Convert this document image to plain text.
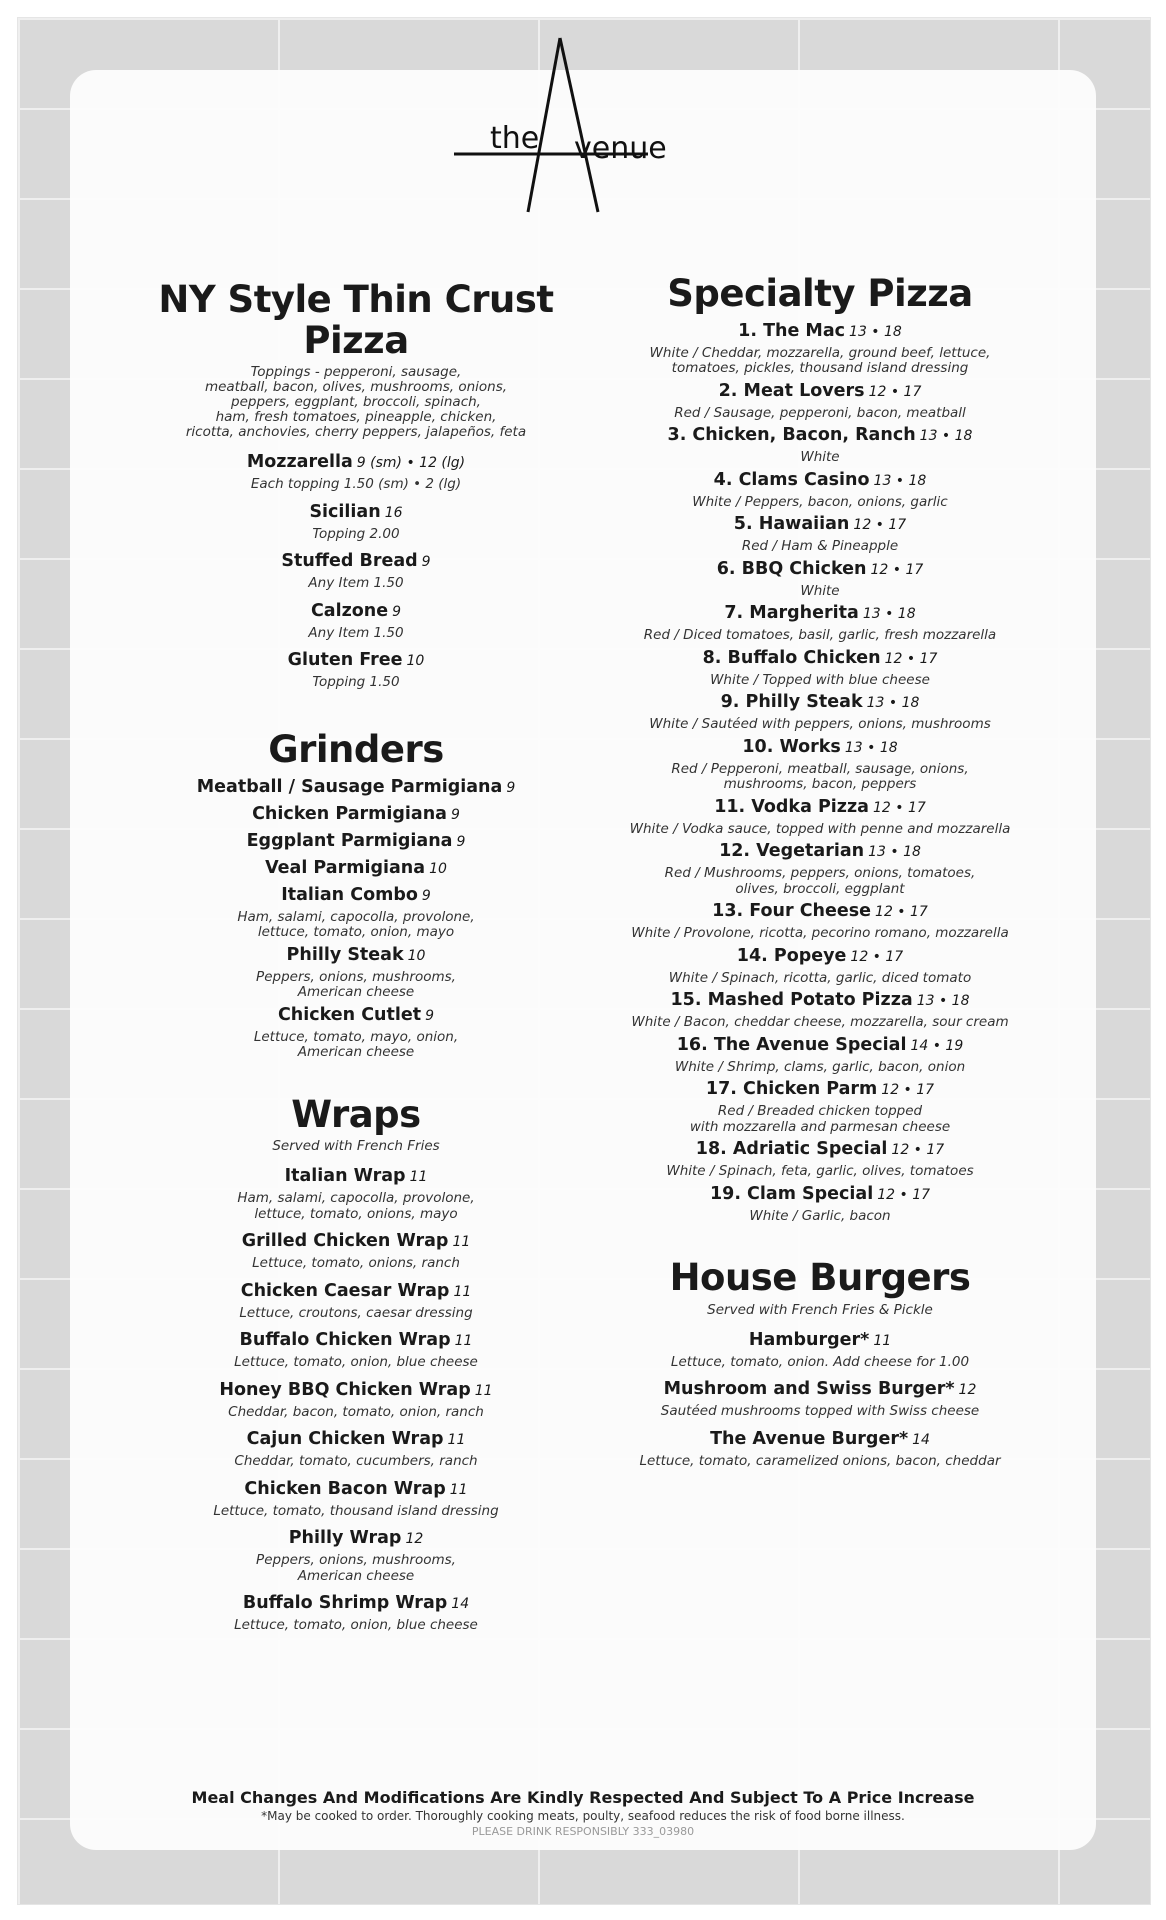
the venue
NY Style Thin Crust Pizza
Toppings - pepperoni, sausage,
meatball, bacon, olives, mushrooms, onions,
peppers, eggplant, broccoli, spinach,
ham, fresh tomatoes, pineapple, chicken,
ricotta, anchovies, cherry peppers, jalapeños, feta
Mozzarella 9 (sm) • 12 (lg)
Each topping 1.50 (sm) • 2 (lg)
Sicilian 16
Topping 2.00
Stuffed Bread 9
Any Item 1.50
Calzone 9
Any Item 1.50
Gluten Free 10
Topping 1.50
Grinders
Meatball / Sausage Parmigiana 9
Chicken Parmigiana 9
Eggplant Parmigiana 9
Veal Parmigiana 10
Italian Combo 9
Ham, salami, capocolla, provolone,
lettuce, tomato, onion, mayo
Philly Steak 10
Peppers, onions, mushrooms,
American cheese
Chicken Cutlet 9
Lettuce, tomato, mayo, onion,
American cheese
Wraps
Served with French Fries
Italian Wrap 11
Ham, salami, capocolla, provolone,
lettuce, tomato, onions, mayo
Grilled Chicken Wrap 11
Lettuce, tomato, onions, ranch
Chicken Caesar Wrap 11
Lettuce, croutons, caesar dressing
Buffalo Chicken Wrap 11
Lettuce, tomato, onion, blue cheese
Honey BBQ Chicken Wrap 11
Cheddar, bacon, tomato, onion, ranch
Cajun Chicken Wrap 11
Cheddar, tomato, cucumbers, ranch
Chicken Bacon Wrap 11
Lettuce, tomato, thousand island dressing
Philly Wrap 12
Peppers, onions, mushrooms,
American cheese
Buffalo Shrimp Wrap 14
Lettuce, tomato, onion, blue cheese
Specialty Pizza
1. The Mac 13 • 18
White / Cheddar, mozzarella, ground beef, lettuce,
tomatoes, pickles, thousand island dressing
2. Meat Lovers 12 • 17
Red / Sausage, pepperoni, bacon, meatball
3. Chicken, Bacon, Ranch 13 • 18
White
4. Clams Casino 13 • 18
White / Peppers, bacon, onions, garlic
5. Hawaiian 12 • 17
Red / Ham & Pineapple
6. BBQ Chicken 12 • 17
White
7. Margherita 13 • 18
Red / Diced tomatoes, basil, garlic, fresh mozzarella
8. Buffalo Chicken 12 • 17
White / Topped with blue cheese
9. Philly Steak 13 • 18
White / Sautéed with peppers, onions, mushrooms
10. Works 13 • 18
Red / Pepperoni, meatball, sausage, onions,
mushrooms, bacon, peppers
11. Vodka Pizza 12 • 17
White / Vodka sauce, topped with penne and mozzarella
12. Vegetarian 13 • 18
Red / Mushrooms, peppers, onions, tomatoes,
olives, broccoli, eggplant
13. Four Cheese 12 • 17
White / Provolone, ricotta, pecorino romano, mozzarella
14. Popeye 12 • 17
White / Spinach, ricotta, garlic, diced tomato
15. Mashed Potato Pizza 13 • 18
White / Bacon, cheddar cheese, mozzarella, sour cream
16. The Avenue Special 14 • 19
White / Shrimp, clams, garlic, bacon, onion
17. Chicken Parm 12 • 17
Red / Breaded chicken topped
with mozzarella and parmesan cheese
18. Adriatic Special 12 • 17
White / Spinach, feta, garlic, olives, tomatoes
19. Clam Special 12 • 17
White / Garlic, bacon
House Burgers
Served with French Fries & Pickle
Hamburger* 11
Lettuce, tomato, onion. Add cheese for 1.00
Mushroom and Swiss Burger* 12
Sautéed mushrooms topped with Swiss cheese
The Avenue Burger* 14
Lettuce, tomato, caramelized onions, bacon, cheddar
Meal Changes And Modifications Are Kindly Respected And Subject To A Price Increase
*May be cooked to order. Thoroughly cooking meats, poulty, seafood reduces the risk of food borne illness.
PLEASE DRINK RESPONSIBLY 333_03980
